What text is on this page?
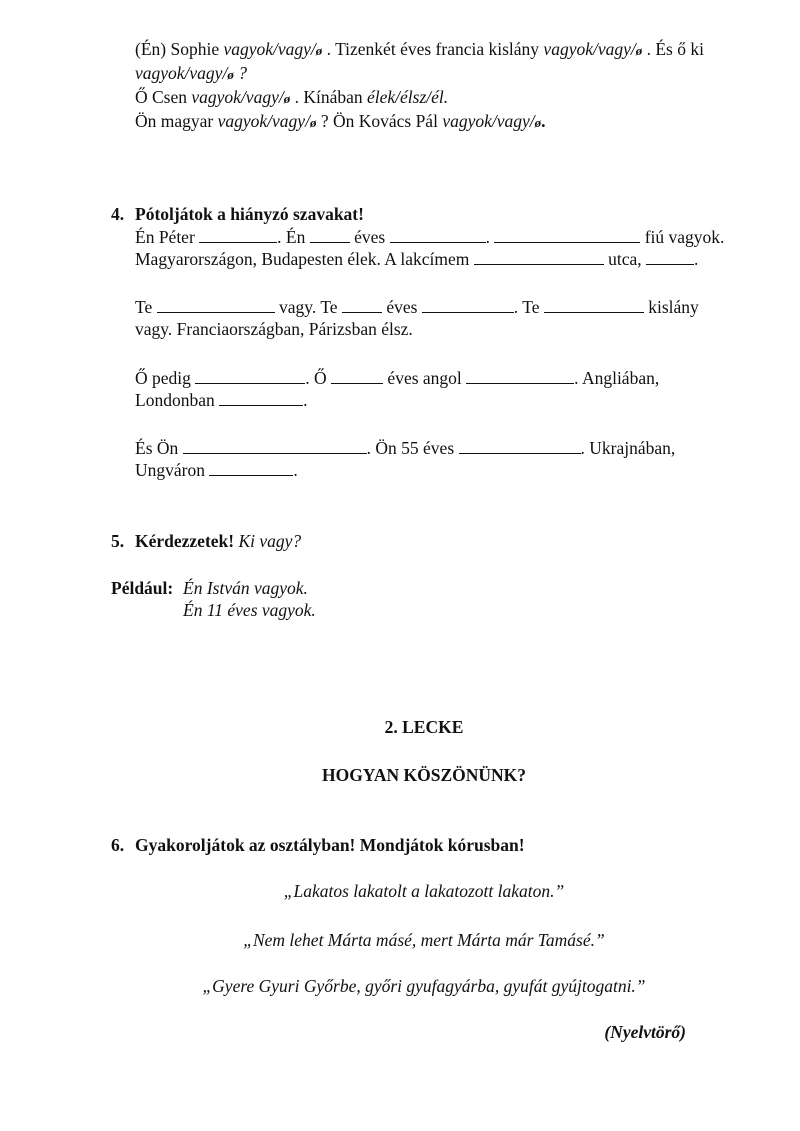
(Én) Sophie vagyok/vagy/ø . Tizenkét éves francia kislány vagyok/vagy/ø . És ő ki
vagyok/vagy/ø ?
Ő Csen vagyok/vagy/ø . Kínában élek/élsz/él.
Ön magyar vagyok/vagy/ø ? Ön Kovács Pál vagyok/vagy/ø.
4. Pótoljátok a hiányzó szavakat!
Én Péter	. Én  éves	.	fiú vagyok.
Magyarországon, Budapesten élek. A lakcímem	utca,	.
Te	vagy. Te  éves	. Te	kislány
vagy. Franciaországban, Párizsban élsz.
Ő pedig	. Ő	éves angol	. Angliában,
Londonban	.
És Ön	. Ön 55 éves	. Ukrajnában,
Ungváron	.
5. Kérdezzetek! Ki vagy?
Például: Én István vagyok.
Én 11 éves vagyok.
2. LECKE
HOGYAN KÖSZÖNÜNK?
6. Gyakoroljátok az osztályban! Mondjátok kórusban!
„Lakatos lakatolt a lakatozott lakaton.”
„Nem lehet Márta másé, mert Márta már Tamásé.”
„Gyere Gyuri Győrbe, győri gyufagyárba, gyufát gyújtogatni.”
(Nyelvtörő)
